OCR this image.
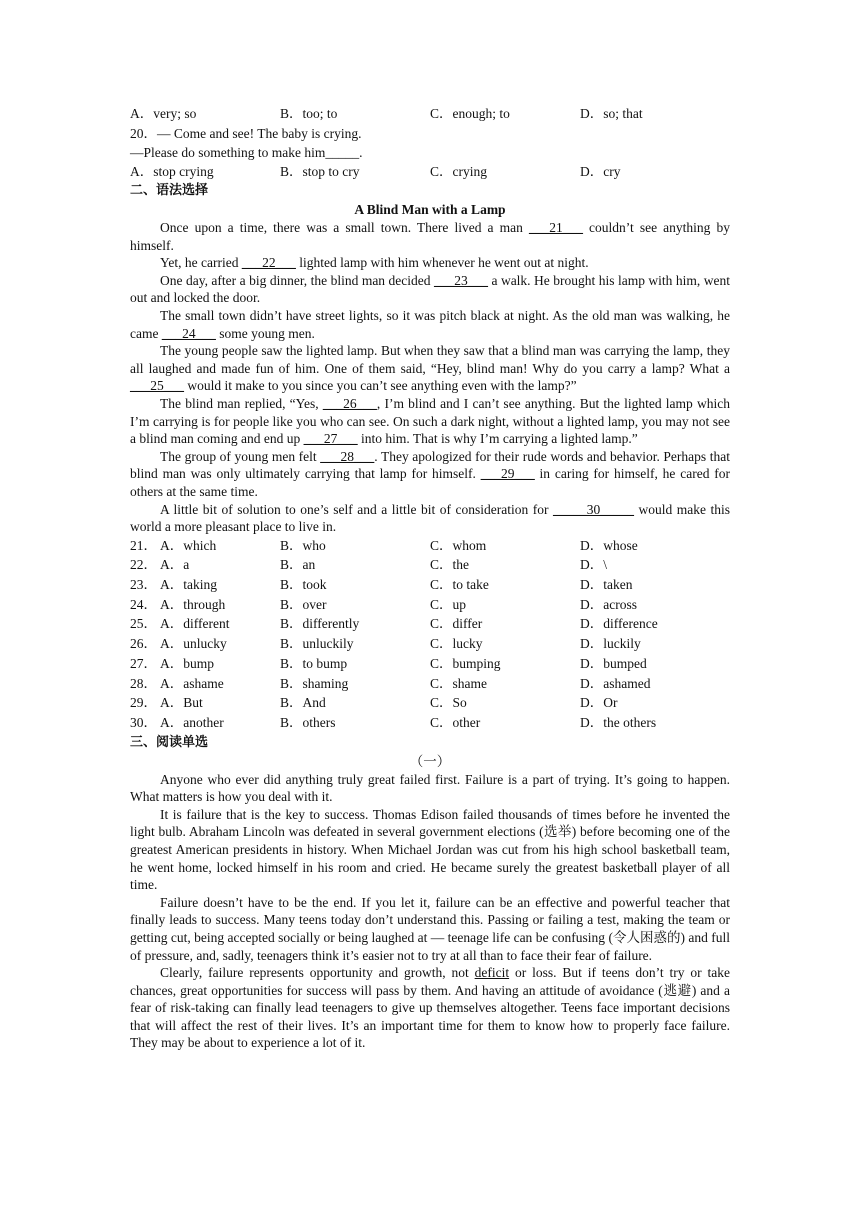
A．very; so	B．too; to	C．enough; to	D．so; that
20．— Come and see! The baby is crying.
—Please do something to make him_____.
A．stop crying	B．stop to cry	C．crying	D．cry
二、语法选择
A Blind Man with a Lamp

Once upon a time, there was a small town. There lived a man ___21___ couldn’t see anything by himself.

Yet, he carried ___22___ lighted lamp with him whenever he went out at night.

One day, after a big dinner, the blind man decided ___23___ a walk. He brought his lamp with him, went out and locked the door.

The small town didn’t have street lights, so it was pitch black at night. As the old man was walking, he came ___24___ some young men.

The young people saw the lighted lamp. But when they saw that a blind man was carrying the lamp, they all laughed and made fun of him. One of them said, “Hey, blind man! Why do you carry a lamp? What a ___25___ would it make to you since you can’t see anything even with the lamp?”

The blind man replied, “Yes, ___26___, I’m blind and I can’t see anything. But the lighted lamp which I’m carrying is for people like you who can see. On such a dark night, without a lighted lamp, you may not see a blind man coming and end up ___27___ into him. That is why I’m carrying a lighted lamp.”

The group of young men felt ___28___. They apologized for their rude words and behavior. Perhaps that blind man was only ultimately carrying that lamp for himself. ___29___ in caring for himself, he cared for others at the same time.

A little bit of solution to one’s self and a little bit of consideration for _____30_____ would make this world a more pleasant place to live in.

21． A．which	B．who	C．whom	D．whose
22． A．a	B．an	C．the	D．\
23． A．taking	B．took	C．to take	D．taken
24． A．through	B．over	C．up	D．across
25． A．different	B．differently	C．differ	D．difference
26． A．unlucky	B．unluckily	C．lucky	D．luckily
27． A．bump	B．to bump	C．bumping	D．bumped
28． A．ashame	B．shaming	C．shame	D．ashamed
29． A．But	B．And	C．So	D．Or
30． A．another	B．others	C．other	D．the others
三、阅读单选
（一）

Anyone who ever did anything truly great failed first. Failure is a part of trying. It’s going to happen. What matters is how you deal with it.

It is failure that is the key to success. Thomas Edison failed thousands of times before he invented the light bulb. Abraham Lincoln was defeated in several government elections (选举) before becoming one of the greatest American presidents in history. When Michael Jordan was cut from his high school basketball team, he went home, locked himself in his room and cried. He became surely the greatest basketball player of all time.

Failure doesn’t have to be the end. If you let it, failure can be an effective and powerful teacher that finally leads to success. Many teens today don’t understand this. Passing or failing a test, making the team or getting cut, being accepted socially or being laughed at — teenage life can be confusing (令人困惑的) and full of pressure, and, sadly, teenagers think it’s easier not to try at all than to face their fear of failure.

Clearly, failure represents opportunity and growth, not deficit or loss. But if teens don’t try or take chances, great opportunities for success will pass by them. And having an attitude of avoidance (逃避) and a fear of risk-taking can finally lead teenagers to give up themselves altogether. Teens face important decisions that will affect the rest of their lives. It’s an important time for them to know how to properly face failure. They may be about to experience a lot of it.
